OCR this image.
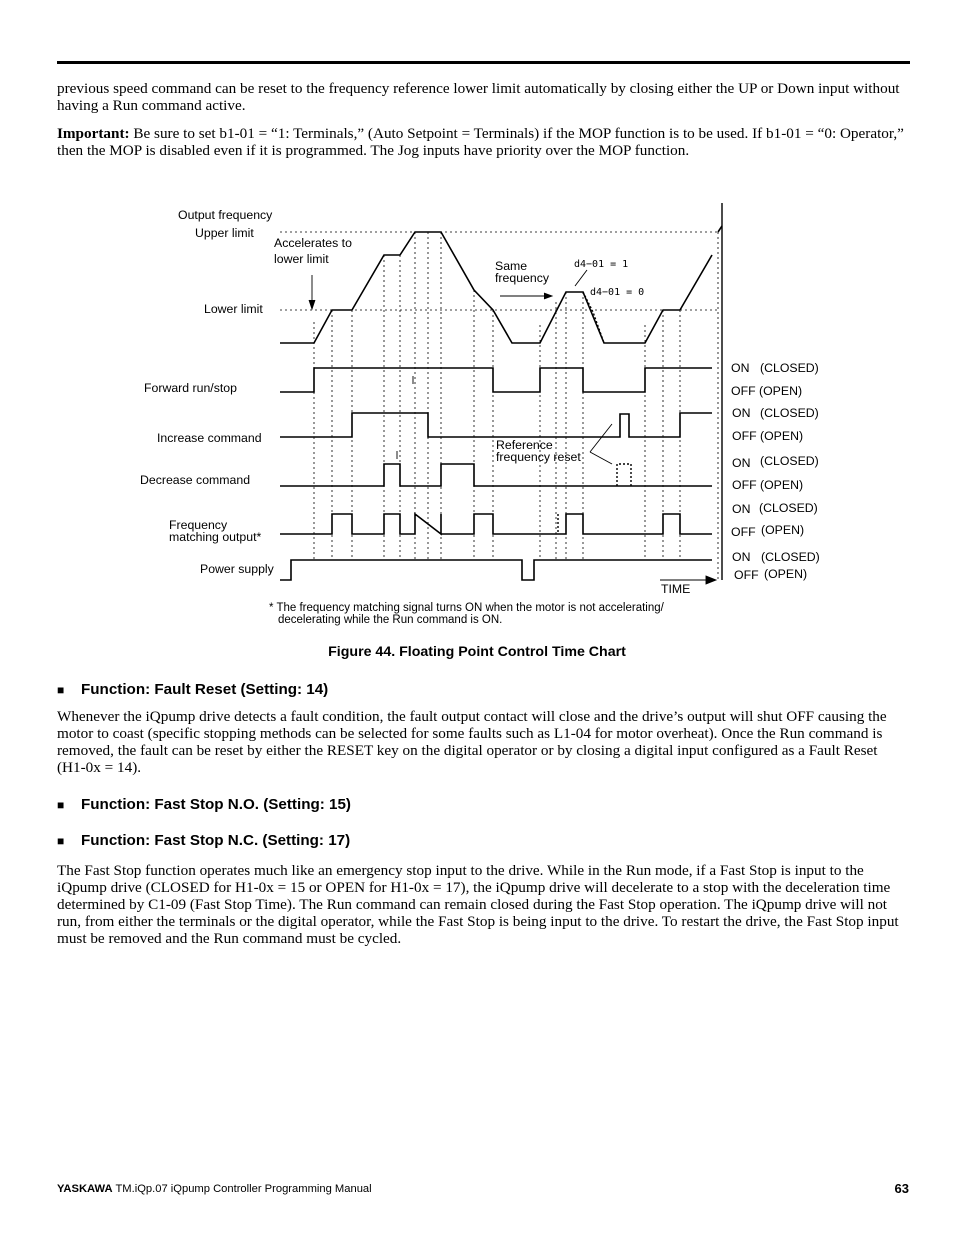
previous speed command can be reset to the frequency reference lower limit automatically by closing either the UP or Down input without having a Run command active.

Important: Be sure to set b1-01 = “1: Terminals,” (Auto Setpoint = Terminals) if the MOP function is to be used. If b1-01 = “0: Operator,” then the MOP is disabled even if it is programmed. The Jog inputs have priority over the MOP function.

Output frequency
Upper limit
Lower limit
Accelerates to
lower limit	Same
frequency
d4−01 = 1
d4−01 = 0
Reference
frequency reset
TIME
Forward run/stop
Increase command
Decrease command
Frequency
matching output*
Power supply
ON (CLOSED)
OFF (OPEN)
ON (CLOSED)
OFF (OPEN)
ON (CLOSED)
OFF (OPEN)
ON (CLOSED)
OFF (OPEN)
ON (CLOSED)
OFF (OPEN)
* The frequency matching signal turns ON when the motor is not accelerating/
decelerating while the Run command is ON.
Figure 44. Floating Point Control Time Chart
■ Function: Fault Reset (Setting: 14)

Whenever the iQpump drive detects a fault condition, the fault output contact will close and the drive’s output will shut OFF causing the motor to coast (specific stopping methods can be selected for some faults such as L1-04 for motor overheat). Once the Run command is removed, the fault can be reset by either the RESET key on the digital operator or by closing a digital input configured as a Fault Reset (H1-0x = 14).

■ Function: Fast Stop N.O. (Setting: 15)
■ Function: Fast Stop N.C. (Setting: 17)

The Fast Stop function operates much like an emergency stop input to the drive. While in the Run mode, if a Fast Stop is input to the iQpump drive (CLOSED for H1-0x = 15 or OPEN for H1-0x = 17), the iQpump drive will decelerate to a stop with the deceleration time determined by C1-09 (Fast Stop Time). The Run command can remain closed during the Fast Stop operation. The iQpump drive will not run, from either the terminals or the digital operator, while the Fast Stop is being input to the drive. To restart the drive, the Fast Stop input must be removed and the Run command must be cycled.

YASKAWA TM.iQp.07 iQpump Controller Programming Manual	63
